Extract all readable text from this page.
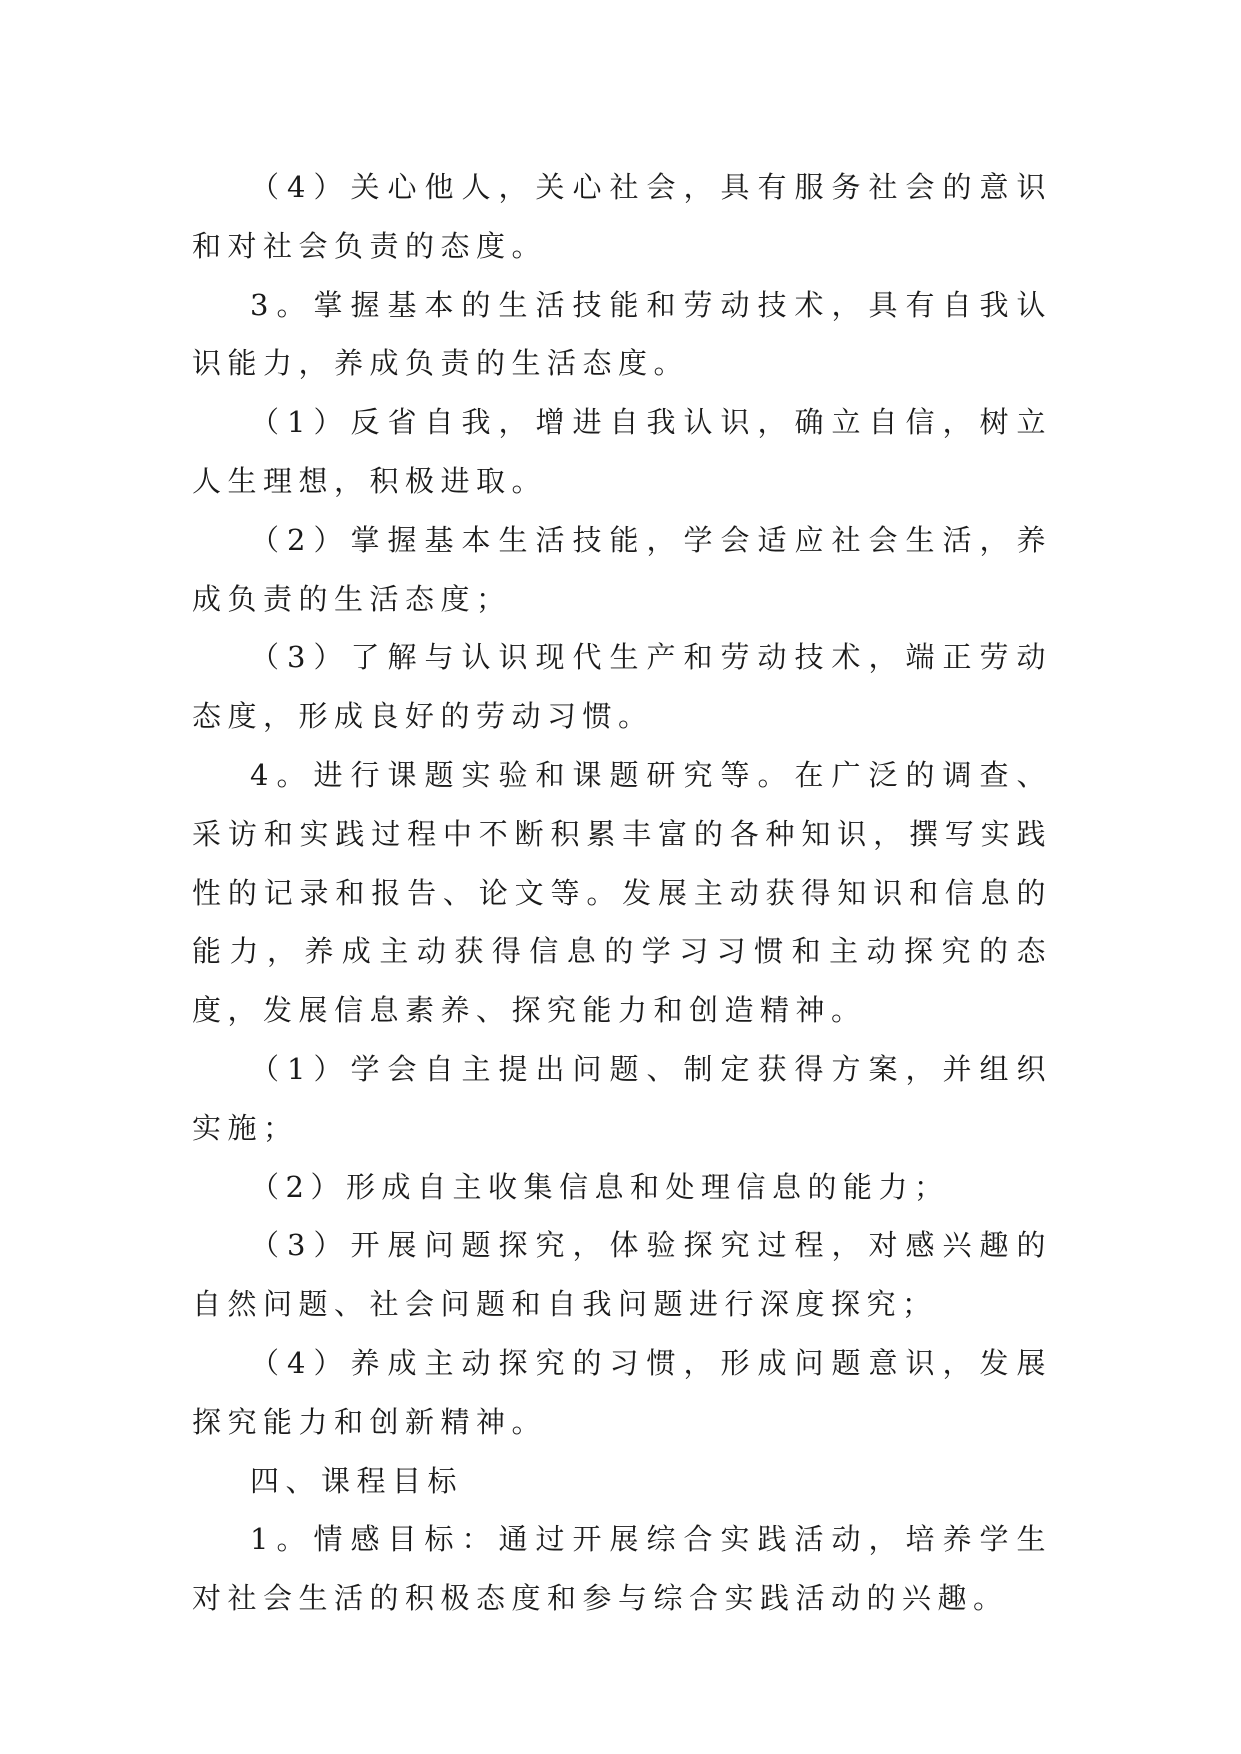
（4）关心他人，关心社会，具有服务社会的意识和对社会负责的态度。

3。掌握基本的生活技能和劳动技术，具有自我认识能力，养成负责的生活态度。

（1）反省自我，增进自我认识，确立自信，树立人生理想，积极进取。

（2）掌握基本生活技能，学会适应社会生活，养成负责的生活态度；

（3）了解与认识现代生产和劳动技术，端正劳动态度，形成良好的劳动习惯。

4。进行课题实验和课题研究等。在广泛的调查、采访和实践过程中不断积累丰富的各种知识，撰写实践性的记录和报告、论文等。发展主动获得知识和信息的能力，养成主动获得信息的学习习惯和主动探究的态度，发展信息素养、探究能力和创造精神。

（1）学会自主提出问题、制定获得方案，并组织实施；

（2）形成自主收集信息和处理信息的能力；

（3）开展问题探究，体验探究过程，对感兴趣的自然问题、社会问题和自我问题进行深度探究；

（4）养成主动探究的习惯，形成问题意识，发展探究能力和创新精神。

四、课程目标

1。情感目标：通过开展综合实践活动，培养学生对社会生活的积极态度和参与综合实践活动的兴趣。
